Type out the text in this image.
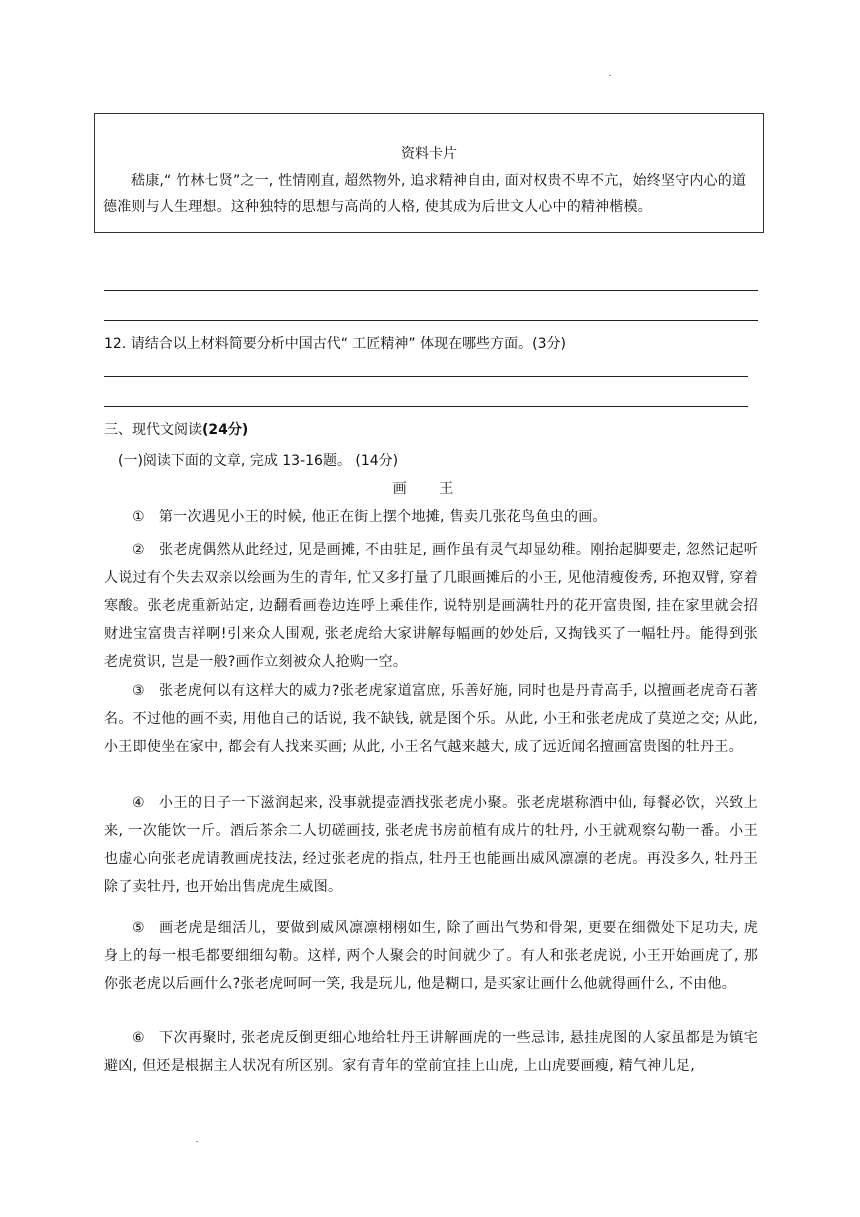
资料卡片
嵇康,“ 竹林七贤”之一, 性情刚直, 超然物外, 追求精神自由, 面对权贵不卑不亢，始终坚守内心的道德准则与人生理想。这种独特的思想与高尚的人格, 使其成为后世文人心中的精神楷模。
12. 请结合以上材料简要分析中国古代“ 工匠精神” 体现在哪些方面。(3分)
三、现代文阅读(24分)
(一)阅读下面的文章, 完成 13-16题。 (14分)
画 王
① 第一次遇见小王的时候, 他正在街上摆个地摊, 售卖几张花鸟鱼虫的画。
② 张老虎偶然从此经过, 见是画摊, 不由驻足, 画作虽有灵气却显幼稚。刚抬起脚要走, 忽然记起听人说过有个失去双亲以绘画为生的青年, 忙又多打量了几眼画摊后的小王, 见他清瘦俊秀, 环抱双臂, 穿着寒酸。张老虎重新站定, 边翻看画卷边连呼上乘佳作, 说特别是画满牡丹的花开富贵图, 挂在家里就会招财进宝富贵吉祥啊!引来众人围观, 张老虎给大家讲解每幅画的妙处后, 又掏钱买了一幅牡丹。能得到张老虎赏识, 岂是一般?画作立刻被众人抢购一空。
③ 张老虎何以有这样大的威力?张老虎家道富庶, 乐善好施, 同时也是丹青高手, 以擅画老虎奇石著名。不过他的画不卖, 用他自己的话说, 我不缺钱, 就是图个乐。从此, 小王和张老虎成了莫逆之交; 从此, 小王即使坐在家中, 都会有人找来买画; 从此, 小王名气越来越大, 成了远近闻名擅画富贵图的牡丹王。
④ 小王的日子一下滋润起来, 没事就提壶酒找张老虎小聚。张老虎堪称酒中仙, 每餐必饮，兴致上来, 一次能饮一斤。酒后茶余二人切磋画技, 张老虎书房前植有成片的牡丹, 小王就观察勾勒一番。小王也虚心向张老虎请教画虎技法, 经过张老虎的指点, 牡丹王也能画出威风凛凛的老虎。再没多久, 牡丹王除了卖牡丹, 也开始出售虎虎生威图。
⑤ 画老虎是细活儿，要做到威风凛凛栩栩如生, 除了画出气势和骨架, 更要在细微处下足功夫, 虎身上的每一根毛都要细细勾勒。这样, 两个人聚会的时间就少了。有人和张老虎说, 小王开始画虎了, 那你张老虎以后画什么?张老虎呵呵一笑, 我是玩儿, 他是糊口, 是买家让画什么他就得画什么, 不由他。
⑥ 下次再聚时, 张老虎反倒更细心地给牡丹王讲解画虎的一些忌讳, 悬挂虎图的人家虽都是为镇宅避凶, 但还是根据主人状况有所区别。家有青年的堂前宜挂上山虎, 上山虎要画瘦, 精气神儿足,
